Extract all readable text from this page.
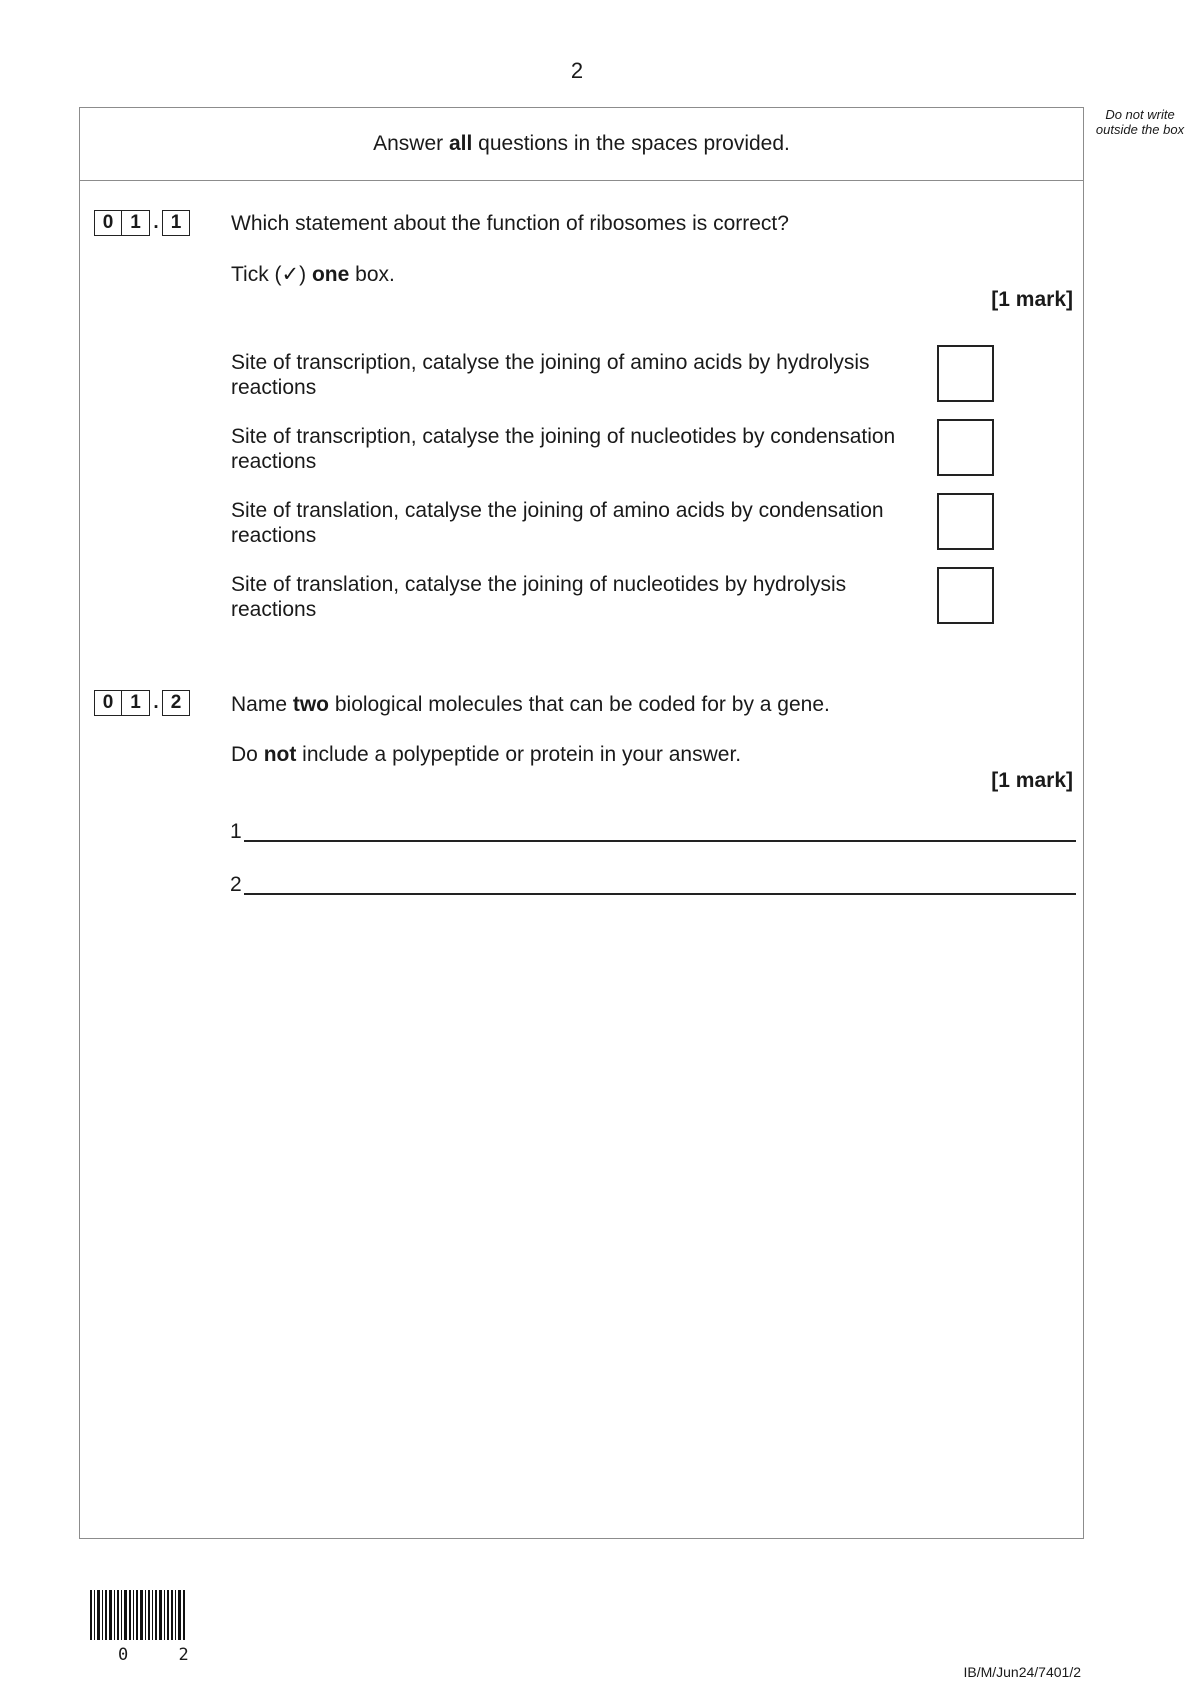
2
Do not write outside the box
Answer all questions in the spaces provided.
0 1 . 1	Which statement about the function of ribosomes is correct?
Tick (✓) one box.
[1 mark]
Site of transcription, catalyse the joining of amino acids by hydrolysis reactions
Site of transcription, catalyse the joining of nucleotides by condensation reactions
Site of translation, catalyse the joining of amino acids by condensation reactions
Site of translation, catalyse the joining of nucleotides by hydrolysis reactions
0 1 . 2	Name two biological molecules that can be coded for by a gene.
Do not include a polypeptide or protein in your answer.
[1 mark]
1
2
0 2
IB/M/Jun24/7401/2
